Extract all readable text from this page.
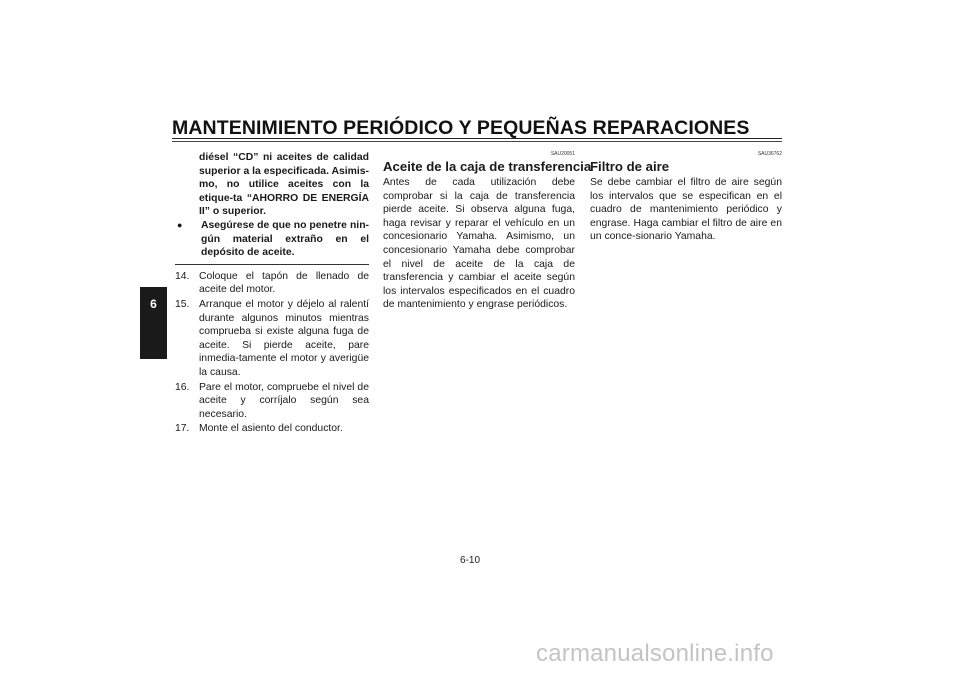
MANTENIMIENTO PERIÓDICO Y PEQUEÑAS REPARACIONES
6

diésel “CD” ni aceites de calidad superior a la especificada. Asimis-mo, no utilice aceites con la etique-ta “AHORRO DE ENERGÍA II” o superior.

●	Asegúrese de que no penetre nin-gún material extraño en el depósito de aceite.
14. Coloque el tapón de llenado de aceite del motor.
15. Arranque el motor y déjelo al ralentí durante algunos minutos mientras comprueba si existe alguna fuga de aceite. Si pierde aceite, pare inmedia-tamente el motor y averigüe la causa.
16. Pare el motor, compruebe el nivel de aceite y corríjalo según sea necesario.
17. Monte el asiento del conductor.
SAU20051
Aceite de la caja de transferencia

Antes de cada utilización debe comprobar si la caja de transferencia pierde aceite. Si observa alguna fuga, haga revisar y reparar el vehículo en un concesionario Yamaha. Asimismo, un concesionario Yamaha debe comprobar el nivel de aceite de la caja de transferencia y cambiar el aceite según los intervalos especificados en el cuadro de mantenimiento y engrase periódicos.

SAU36762
Filtro de aire

Se debe cambiar el filtro de aire según los intervalos que se especifican en el cuadro de mantenimiento periódico y engrase. Haga cambiar el filtro de aire en un conce-sionario Yamaha.

6-10
carmanualsonline.info
